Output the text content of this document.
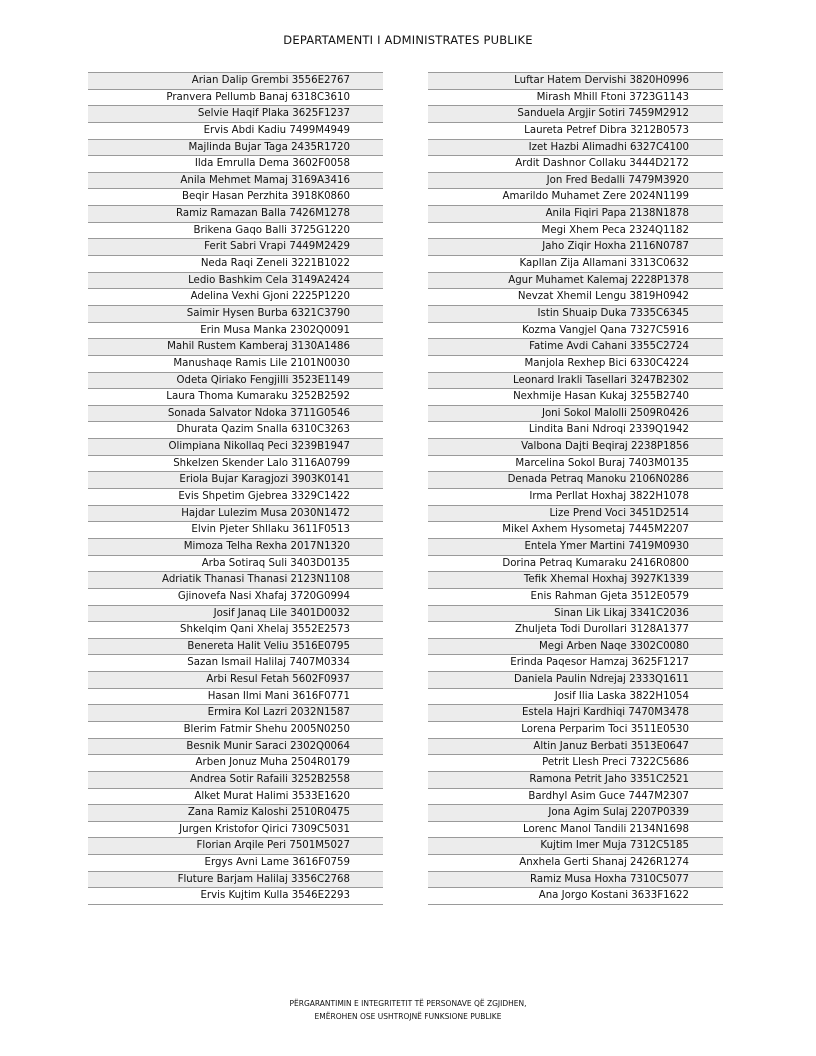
DEPARTAMENTI I ADMINISTRATES PUBLIKE
Arian Dalip Grembi 3556E2767
Pranvera Pellumb Banaj 6318C3610
Selvie Haqif Plaka 3625F1237
Ervis Abdi Kadiu 7499M4949
Majlinda Bujar Taga 2435R1720
Ilda Emrulla Dema 3602F0058
Anila Mehmet Mamaj 3169A3416
Beqir Hasan Perzhita 3918K0860
Ramiz Ramazan Balla 7426M1278
Brikena Gaqo Balli 3725G1220
Ferit Sabri Vrapi 7449M2429
Neda Raqi Zeneli 3221B1022
Ledio Bashkim Cela 3149A2424
Adelina Vexhi Gjoni 2225P1220
Saimir Hysen Burba 6321C3790
Erin Musa Manka 2302Q0091
Mahil Rustem Kamberaj 3130A1486
Manushaqe Ramis Lile 2101N0030
Odeta Qiriako Fengjilli 3523E1149
Laura Thoma Kumaraku 3252B2592
Sonada Salvator Ndoka 3711G0546
Dhurata Qazim Snalla 6310C3263
Olimpiana Nikollaq Peci 3239B1947
Shkelzen Skender Lalo 3116A0799
Eriola Bujar Karagjozi 3903K0141
Evis Shpetim Gjebrea 3329C1422
Hajdar Lulezim Musa 2030N1472
Elvin Pjeter Shllaku 3611F0513
Mimoza Telha Rexha 2017N1320
Arba Sotiraq Suli 3403D0135
Adriatik Thanasi Thanasi 2123N1108
Gjinovefa Nasi Xhafaj 3720G0994
Josif Janaq Lile 3401D0032
Shkelqim Qani Xhelaj 3552E2573
Benereta Halit Veliu 3516E0795
Sazan Ismail Halilaj 7407M0334
Arbi Resul Fetah 5602F0937
Hasan Ilmi Mani 3616F0771
Ermira Kol Lazri 2032N1587
Blerim Fatmir Shehu 2005N0250
Besnik Munir Saraci 2302Q0064
Arben Jonuz Muha 2504R0179
Andrea Sotir Rafaili 3252B2558
Alket Murat Halimi 3533E1620
Zana Ramiz Kaloshi 2510R0475
Jurgen Kristofor Qirici 7309C5031
Florian Arqile Peri 7501M5027
Ergys Avni Lame 3616F0759
Fluture Barjam Halilaj 3356C2768
Ervis Kujtim Kulla 3546E2293
Luftar Hatem Dervishi 3820H0996
Mirash Mhill Ftoni 3723G1143
Sanduela Argjir Sotiri 7459M2912
Laureta Petref Dibra 3212B0573
Izet Hazbi Alimadhi 6327C4100
Ardit Dashnor Collaku 3444D2172
Jon Fred Bedalli 7479M3920
Amarildo Muhamet Zere 2024N1199
Anila Fiqiri Papa 2138N1878
Megi Xhem Peca 2324Q1182
Jaho Ziqir Hoxha 2116N0787
Kapllan Zija Allamani 3313C0632
Agur Muhamet Kalemaj 2228P1378
Nevzat Xhemil Lengu 3819H0942
Istin Shuaip Duka 7335C6345
Kozma Vangjel Qana 7327C5916
Fatime Avdi Cahani 3355C2724
Manjola Rexhep Bici 6330C4224
Leonard Irakli Tasellari 3247B2302
Nexhmije Hasan Kukaj 3255B2740
Joni Sokol Malolli 2509R0426
Lindita Bani Ndroqi 2339Q1942
Valbona Dajti Beqiraj 2238P1856
Marcelina Sokol Buraj 7403M0135
Denada Petraq Manoku 2106N0286
Irma Perllat Hoxhaj 3822H1078
Lize Prend Voci 3451D2514
Mikel Axhem Hysometaj 7445M2207
Entela Ymer Martini 7419M0930
Dorina Petraq Kumaraku 2416R0800
Tefik Xhemal Hoxhaj 3927K1339
Enis Rahman Gjeta 3512E0579
Sinan Lik Likaj 3341C2036
Zhuljeta Todi Durollari 3128A1377
Megi Arben Naqe 3302C0080
Erinda Paqesor Hamzaj 3625F1217
Daniela Paulin Ndrejaj 2333Q1611
Josif Ilia Laska 3822H1054
Estela Hajri Kardhiqi 7470M3478
Lorena Perparim Toci 3511E0530
Altin Januz Berbati 3513E0647
Petrit Llesh Preci 7322C5686
Ramona Petrit Jaho 3351C2521
Bardhyl Asim Guce 7447M2307
Jona Agim Sulaj 2207P0339
Lorenc Manol Tandili 2134N1698
Kujtim Imer Muja 7312C5185
Anxhela Gerti Shanaj 2426R1274
Ramiz Musa Hoxha 7310C5077
Ana Jorgo Kostani 3633F1622
PËRGARANTIMIN E INTEGRITETIT TË PERSONAVE QË ZGJIDHEN,
EMËROHEN OSE USHTROJNË FUNKSIONE PUBLIKE
